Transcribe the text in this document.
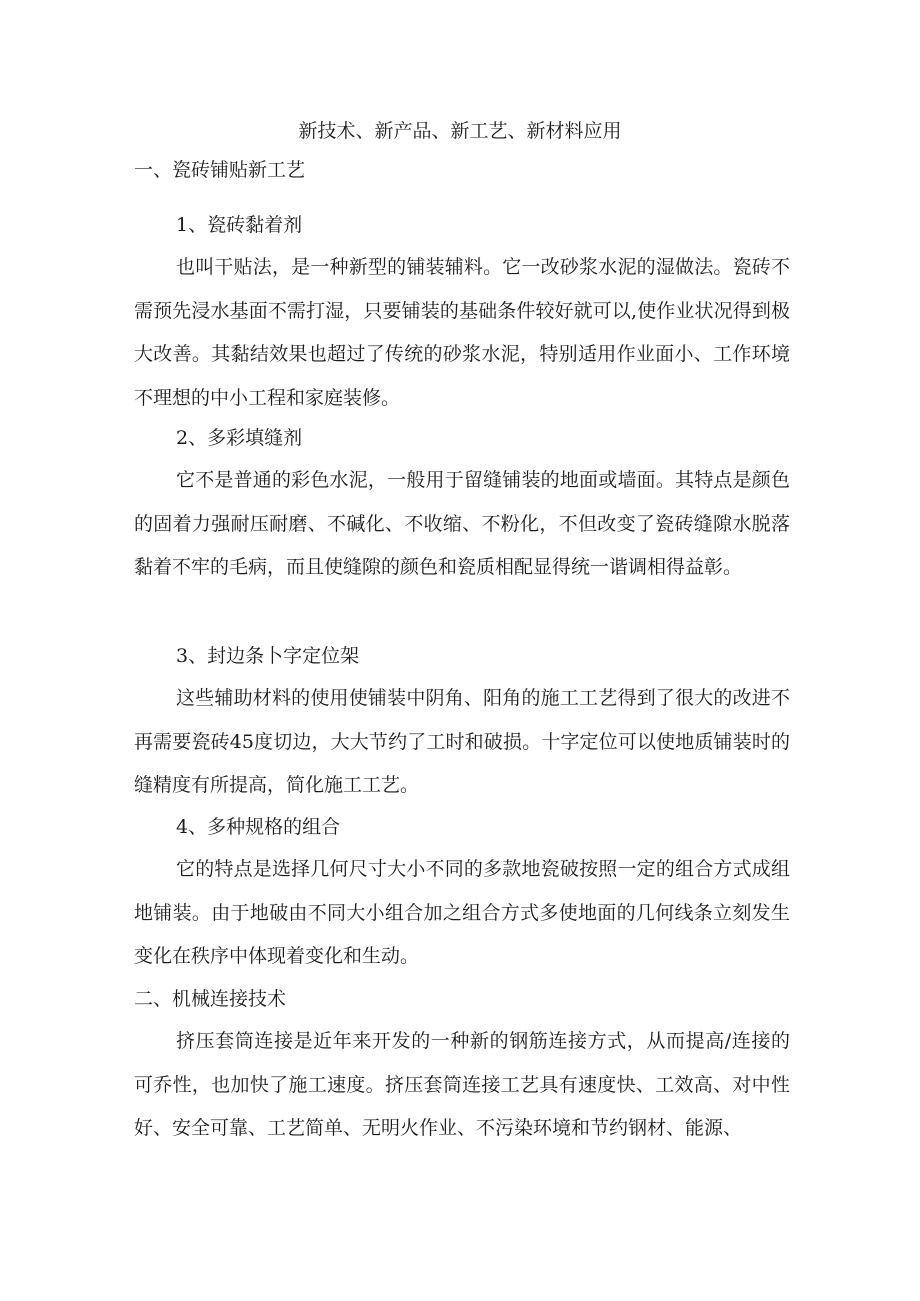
新技术、新产品、新工艺、新材料应用
一、瓷砖铺贴新工艺
1、瓷砖黏着剂

也叫干贴法，是一种新型的铺装辅料。它一改砂浆水泥的湿做法。瓷砖不需预先浸水基面不需打湿，只要铺装的基础条件较好就可以,使作业状况得到极大改善。其黏结效果也超过了传统的砂浆水泥，特别适用作业面小、工作环境不理想的中小工程和家庭装修。

2、多彩填缝剂

它不是普通的彩色水泥，一般用于留缝铺装的地面或墙面。其特点是颜色的固着力强耐压耐磨、不碱化、不收缩、不粉化，不但改变了瓷砖缝隙水脱落黏着不牢的毛病，而且使缝隙的颜色和瓷质相配显得统一谐调相得益彰。

3、封边条卜字定位架

这些辅助材料的使用使铺装中阴角、阳角的施工工艺得到了很大的改进不再需要瓷砖45度切边，大大节约了工时和破损。十字定位可以使地质铺装时的缝精度有所提高，简化施工工艺。

4、多种规格的组合

它的特点是选择几何尺寸大小不同的多款地瓷破按照一定的组合方式成组地铺装。由于地破由不同大小组合加之组合方式多使地面的几何线条立刻发生变化在秩序中体现着变化和生动。

二、机械连接技术

挤压套筒连接是近年来开发的一种新的钢筋连接方式，从而提高/连接的可乔性，也加快了施工速度。挤压套筒连接工艺具有速度快、工效高、对中性好、安全可靠、工艺简单、无明火作业、不污染环境和节约钢材、能源、
